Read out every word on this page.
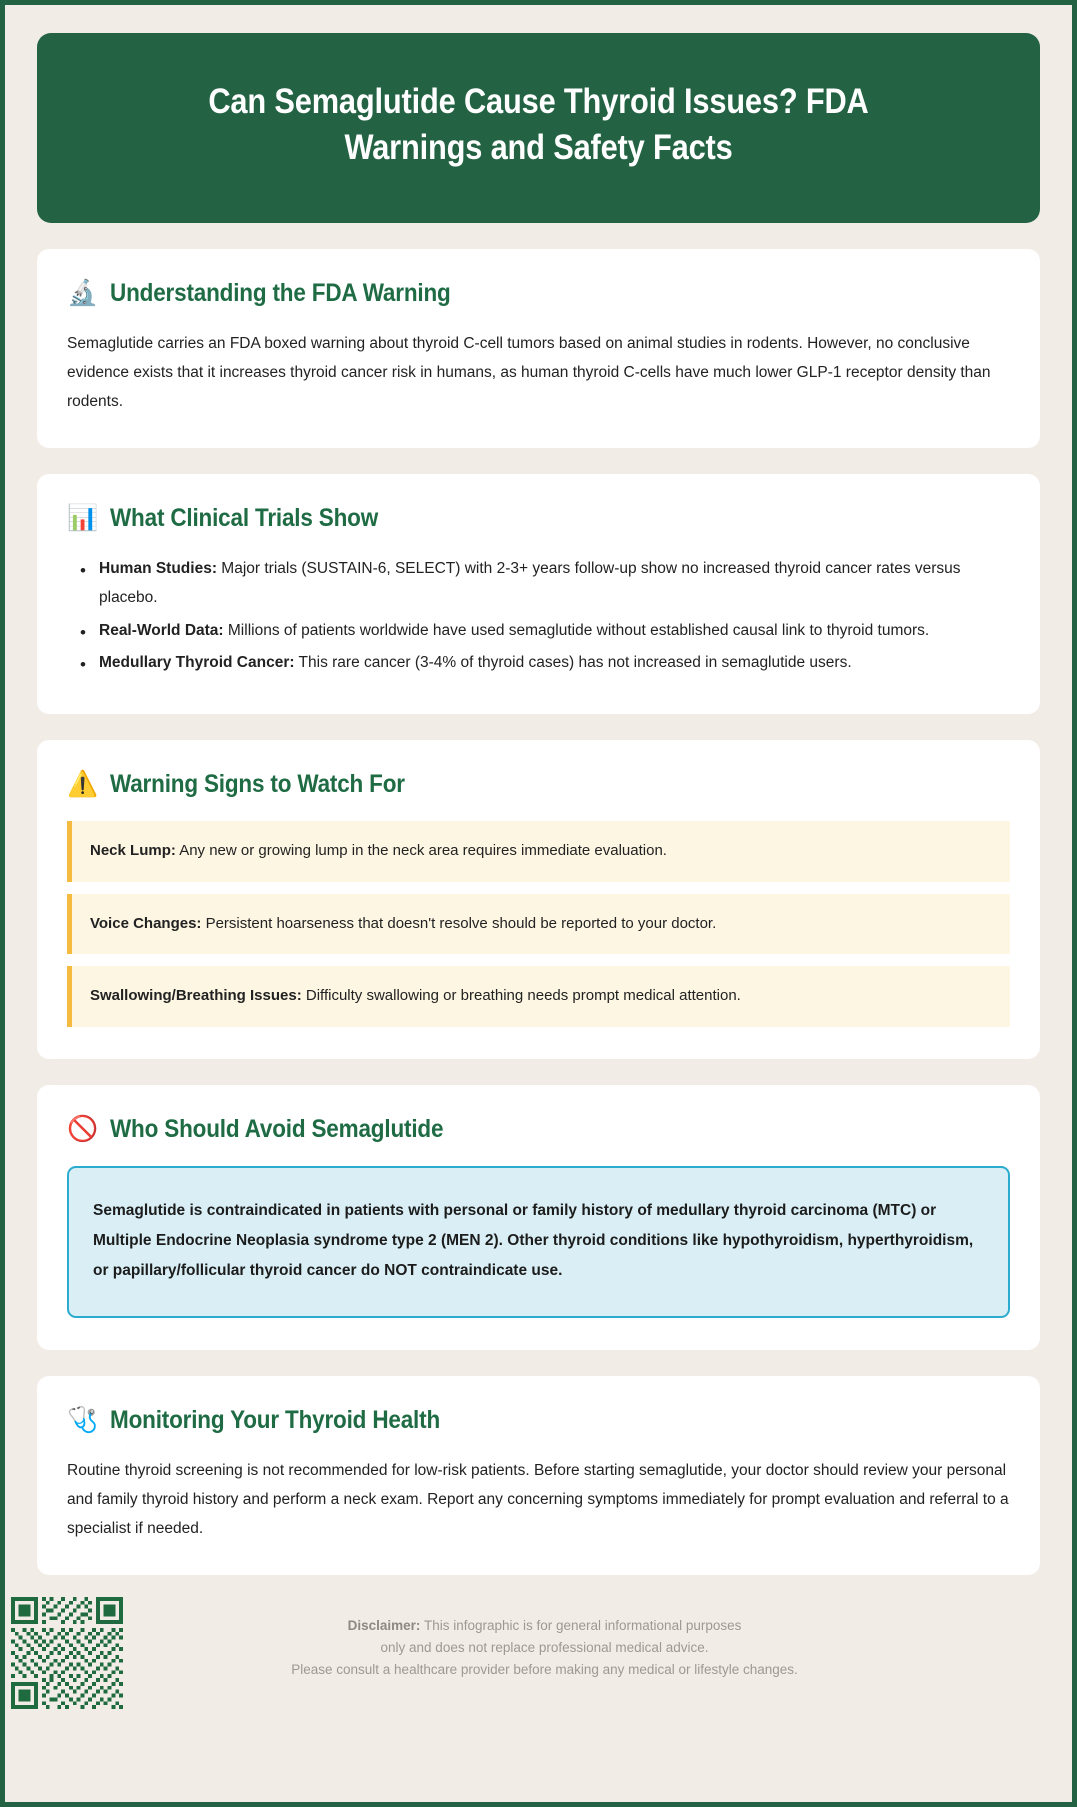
Can Semaglutide Cause Thyroid Issues? FDA Warnings and Safety Facts
🔬 Understanding the FDA Warning

Semaglutide carries an FDA boxed warning about thyroid C-cell tumors based on animal studies in rodents. However, no conclusive evidence exists that it increases thyroid cancer risk in humans, as human thyroid C-cells have much lower GLP-1 receptor density than rodents.

📊 What Clinical Trials Show
• Human Studies: Major trials (SUSTAIN-6, SELECT) with 2-3+ years follow-up show no increased thyroid cancer rates versus placebo.
• Real-World Data: Millions of patients worldwide have used semaglutide without established causal link to thyroid tumors.
• Medullary Thyroid Cancer: This rare cancer (3-4% of thyroid cases) has not increased in semaglutide users.
⚠️ Warning Signs to Watch For
Neck Lump: Any new or growing lump in the neck area requires immediate evaluation.
Voice Changes: Persistent hoarseness that doesn't resolve should be reported to your doctor.
Swallowing/Breathing Issues: Difficulty swallowing or breathing needs prompt medical attention.
🚫 Who Should Avoid Semaglutide
Semaglutide is contraindicated in patients with personal or family history of medullary thyroid carcinoma (MTC) or Multiple Endocrine Neoplasia syndrome type 2 (MEN 2). Other thyroid conditions like hypothyroidism, hyperthyroidism, or papillary/follicular thyroid cancer do NOT contraindicate use.
🩺 Monitoring Your Thyroid Health

Routine thyroid screening is not recommended for low-risk patients. Before starting semaglutide, your doctor should review your personal and family thyroid history and perform a neck exam. Report any concerning symptoms immediately for prompt evaluation and referral to a specialist if needed.

Disclaimer: This infographic is for general informational purposes
only and does not replace professional medical advice.
Please consult a healthcare provider before making any medical or lifestyle changes.
